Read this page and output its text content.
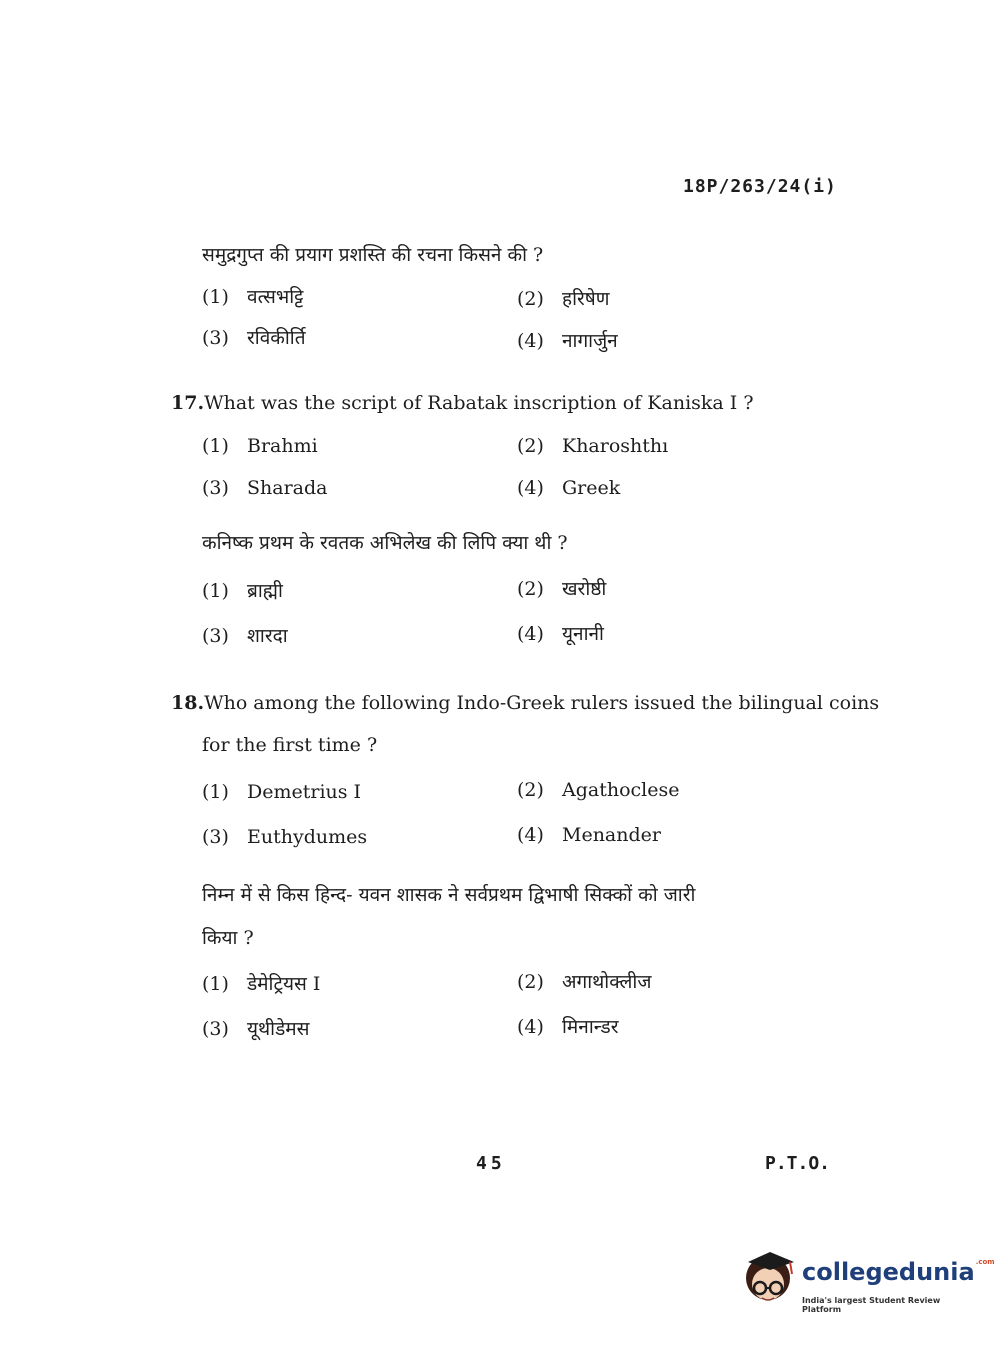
18P/263/24(i)
समुद्रगुप्त की प्रयाग प्रशस्ति की रचना किसने की ?
(1) वत्सभट्टि	(2) हरिषेण
(3) रविकीर्ति	(4) नागार्जुन
17.What was the script of Rabatak inscription of Kaniska I ?
(1) Brahmi	(2) Kharoshthı
(3) Sharada	(4) Greek
कनिष्क प्रथम के रवतक अभिलेख की लिपि क्या थी ?
(1) ब्राह्मी	(2) खरोष्ठी
(3) शारदा	(4) यूनानी
18.Who among the following Indo-Greek rulers issued the bilingual coins
for the first time ?
(1) Demetrius I	(2) Agathoclese
(3) Euthydumes	(4) Menander
निम्न में से किस हिन्द- यवन शासक ने सर्वप्रथम द्विभाषी सिक्कों को जारी
किया ?
(1) डेमेट्रियस I	(2) अगाथोक्लीज
(3) यूथीडेमस	(4) मिनान्डर
45	P.T.O.
collegedunia$^{.com}$
India's largest Student Review Platform
